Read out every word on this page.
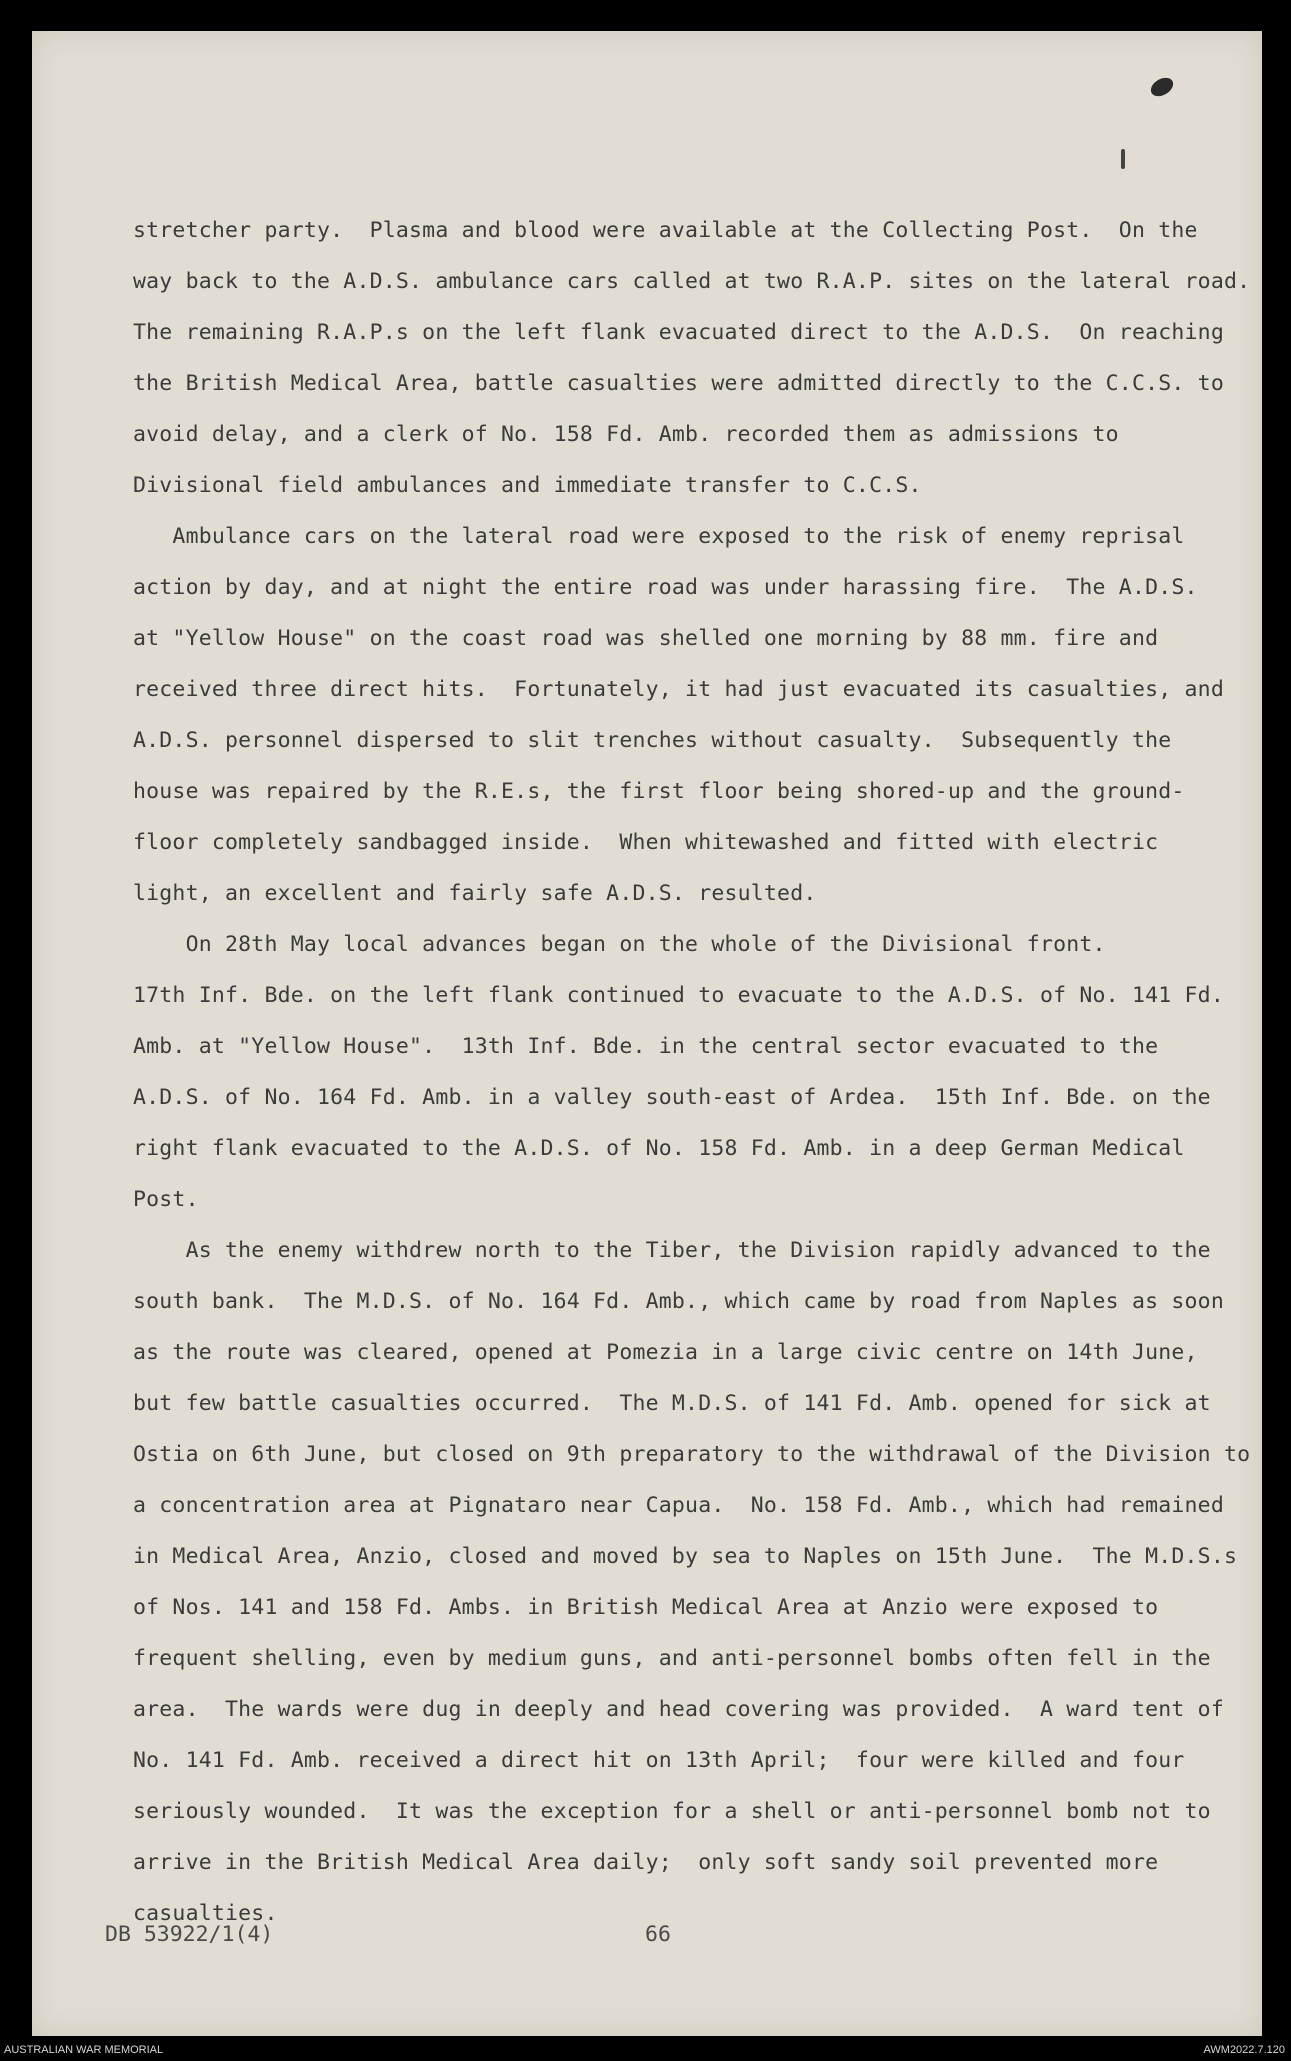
stretcher party.  Plasma and blood were available at the Collecting Post.  On the
way back to the A.D.S. ambulance cars called at two R.A.P. sites on the lateral road.
The remaining R.A.P.s on the left flank evacuated direct to the A.D.S.  On reaching
the British Medical Area, battle casualties were admitted directly to the C.C.S. to
avoid delay, and a clerk of No. 158 Fd. Amb. recorded them as admissions to
Divisional field ambulances and immediate transfer to C.C.S.
Ambulance cars on the lateral road were exposed to the risk of enemy reprisal
action by day, and at night the entire road was under harassing fire.  The A.D.S.
at "Yellow House" on the coast road was shelled one morning by 88 mm. fire and
received three direct hits.  Fortunately, it had just evacuated its casualties, and
A.D.S. personnel dispersed to slit trenches without casualty.  Subsequently the
house was repaired by the R.E.s, the first floor being shored-up and the ground-
floor completely sandbagged inside.  When whitewashed and fitted with electric
light, an excellent and fairly safe A.D.S. resulted.
On 28th May local advances began on the whole of the Divisional front.
17th Inf. Bde. on the left flank continued to evacuate to the A.D.S. of No. 141 Fd.
Amb. at "Yellow House".  13th Inf. Bde. in the central sector evacuated to the
A.D.S. of No. 164 Fd. Amb. in a valley south-east of Ardea.  15th Inf. Bde. on the
right flank evacuated to the A.D.S. of No. 158 Fd. Amb. in a deep German Medical
Post.
As the enemy withdrew north to the Tiber, the Division rapidly advanced to the
south bank.  The M.D.S. of No. 164 Fd. Amb., which came by road from Naples as soon
as the route was cleared, opened at Pomezia in a large civic centre on 14th June,
but few battle casualties occurred.  The M.D.S. of 141 Fd. Amb. opened for sick at
Ostia on 6th June, but closed on 9th preparatory to the withdrawal of the Division to
a concentration area at Pignataro near Capua.  No. 158 Fd. Amb., which had remained
in Medical Area, Anzio, closed and moved by sea to Naples on 15th June.  The M.D.S.s
of Nos. 141 and 158 Fd. Ambs. in British Medical Area at Anzio were exposed to
frequent shelling, even by medium guns, and anti-personnel bombs often fell in the
area.  The wards were dug in deeply and head covering was provided.  A ward tent of
No. 141 Fd. Amb. received a direct hit on 13th April;  four were killed and four
seriously wounded.  It was the exception for a shell or anti-personnel bomb not to
arrive in the British Medical Area daily;  only soft sandy soil prevented more
casualties.
DB 53922/1(4)	66
AUSTRALIAN WAR MEMORIAL	AWM2022.7.120
